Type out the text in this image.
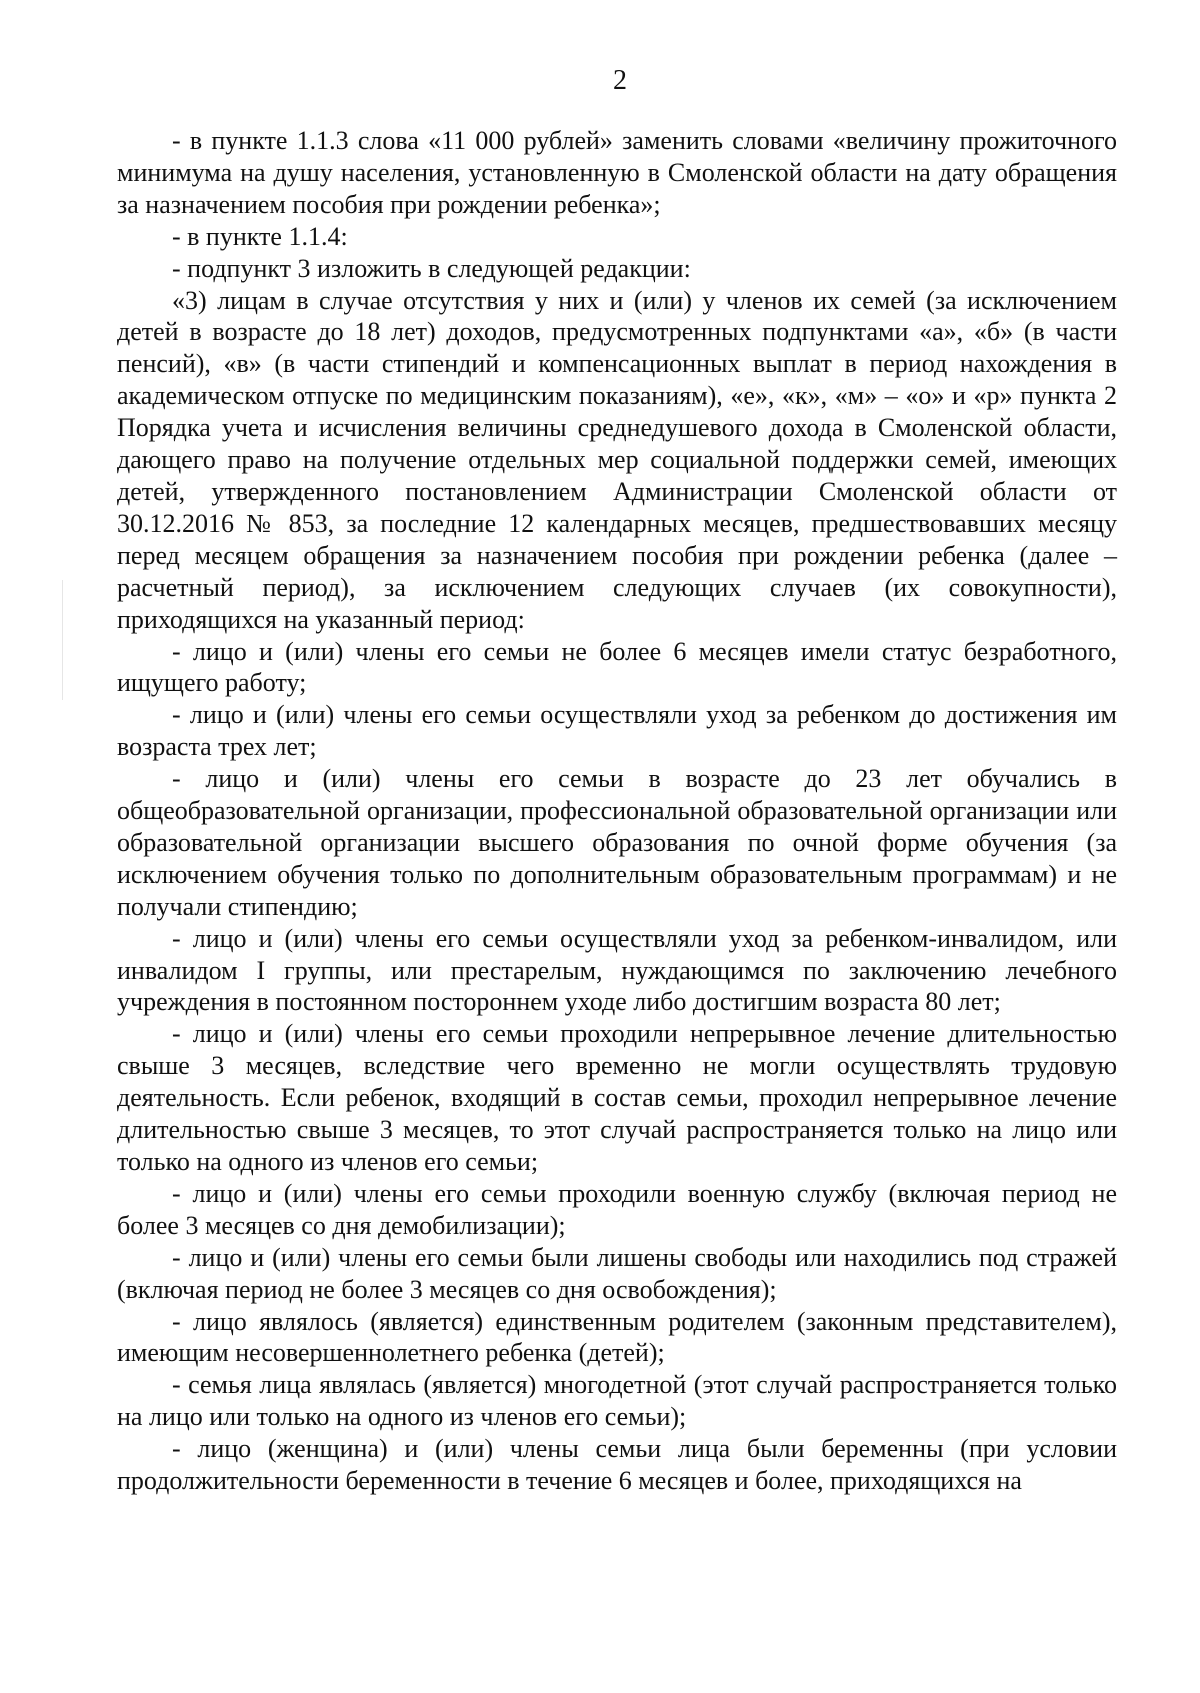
2

- в пункте 1.1.3 слова «11 000 рублей» заменить словами «величину прожиточного минимума на душу населения, установленную в Смоленской области на дату обращения за назначением пособия при рождении ребенка»;

- в пункте 1.1.4:

- подпункт 3 изложить в следующей редакции:

«3) лицам в случае отсутствия у них и (или) у членов их семей (за исключением детей в возрасте до 18 лет) доходов, предусмотренных подпунктами «а», «б» (в части пенсий), «в» (в части стипендий и компенсационных выплат в период нахождения в академическом отпуске по медицинским показаниям), «е», «к», «м» – «о» и «р» пункта 2 Порядка учета и исчисления величины среднедушевого дохода в Смоленской области, дающего право на получение отдельных мер социальной поддержки семей, имеющих детей, утвержденного постановлением Администрации Смоленской области от 30.12.2016 № 853, за последние 12 календарных месяцев, предшествовавших месяцу перед месяцем обращения за назначением пособия при рождении ребенка (далее – расчетный период), за исключением следующих случаев (их совокупности), приходящихся на указанный период:

- лицо и (или) члены его семьи не более 6 месяцев имели статус безработного, ищущего работу;

- лицо и (или) члены его семьи осуществляли уход за ребенком до достижения им возраста трех лет;

- лицо и (или) члены его семьи в возрасте до 23 лет обучались в общеобразовательной организации, профессиональной образовательной организации или образовательной организации высшего образования по очной форме обучения (за исключением обучения только по дополнительным образовательным программам) и не получали стипендию;

- лицо и (или) члены его семьи осуществляли уход за ребенком-инвалидом, или инвалидом I группы, или престарелым, нуждающимся по заключению лечебного учреждения в постоянном постороннем уходе либо достигшим возраста 80 лет;

- лицо и (или) члены его семьи проходили непрерывное лечение длительностью свыше 3 месяцев, вследствие чего временно не могли осуществлять трудовую деятельность. Если ребенок, входящий в состав семьи, проходил непрерывное лечение длительностью свыше 3 месяцев, то этот случай распространяется только на лицо или только на одного из членов его семьи;

- лицо и (или) члены его семьи проходили военную службу (включая период не более 3 месяцев со дня демобилизации);

- лицо и (или) члены его семьи были лишены свободы или находились под стражей (включая период не более 3 месяцев со дня освобождения);

- лицо являлось (является) единственным родителем (законным представителем), имеющим несовершеннолетнего ребенка (детей);

- семья лица являлась (является) многодетной (этот случай распространяется только на лицо или только на одного из членов его семьи);

- лицо (женщина) и (или) члены семьи лица были беременны (при условии продолжительности беременности в течение 6 месяцев и более, приходящихся на
